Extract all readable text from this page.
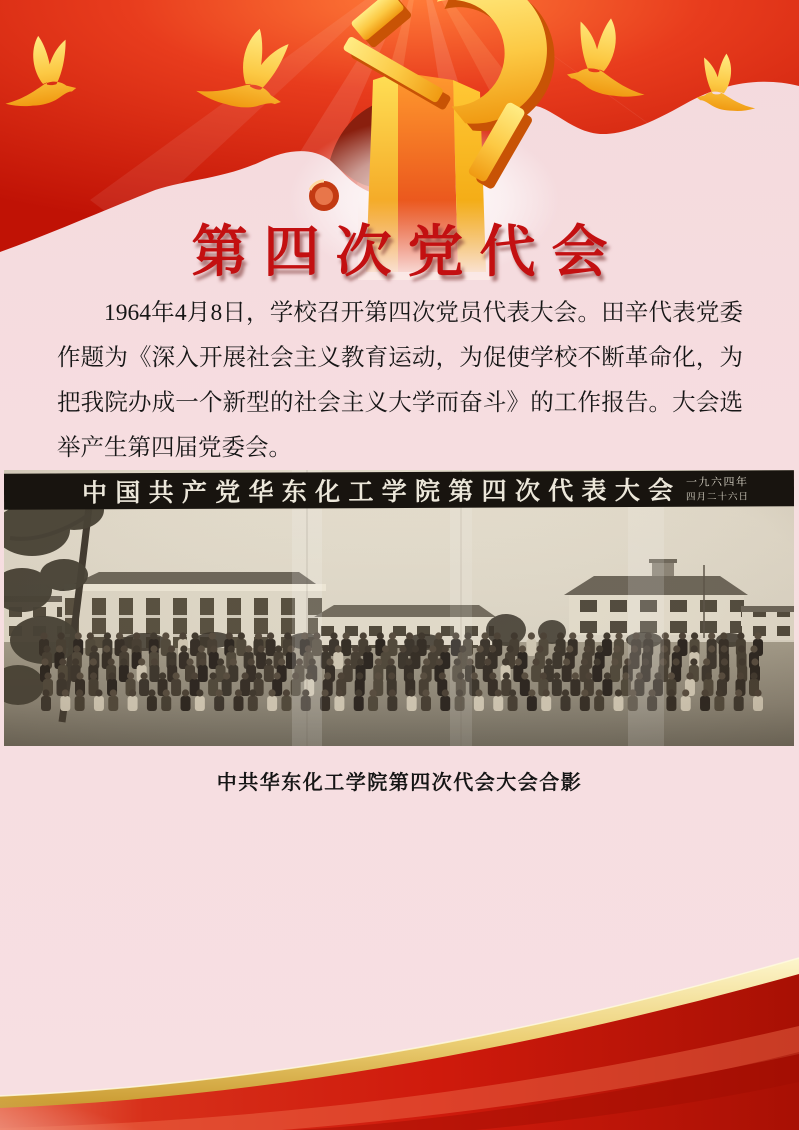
第四次党代会

1964年4月8日，学校召开第四次党员代表大会。田辛代表党委作题为《深入开展社会主义教育运动，为促使学校不断革命化，为把我院办成一个新型的社会主义大学而奋斗》的工作报告。大会选举产生第四届党委会。

中国共产党华东化工学院第四次代表大会 一九六四年
四月二十六日
中共华东化工学院第四次代会大会合影
